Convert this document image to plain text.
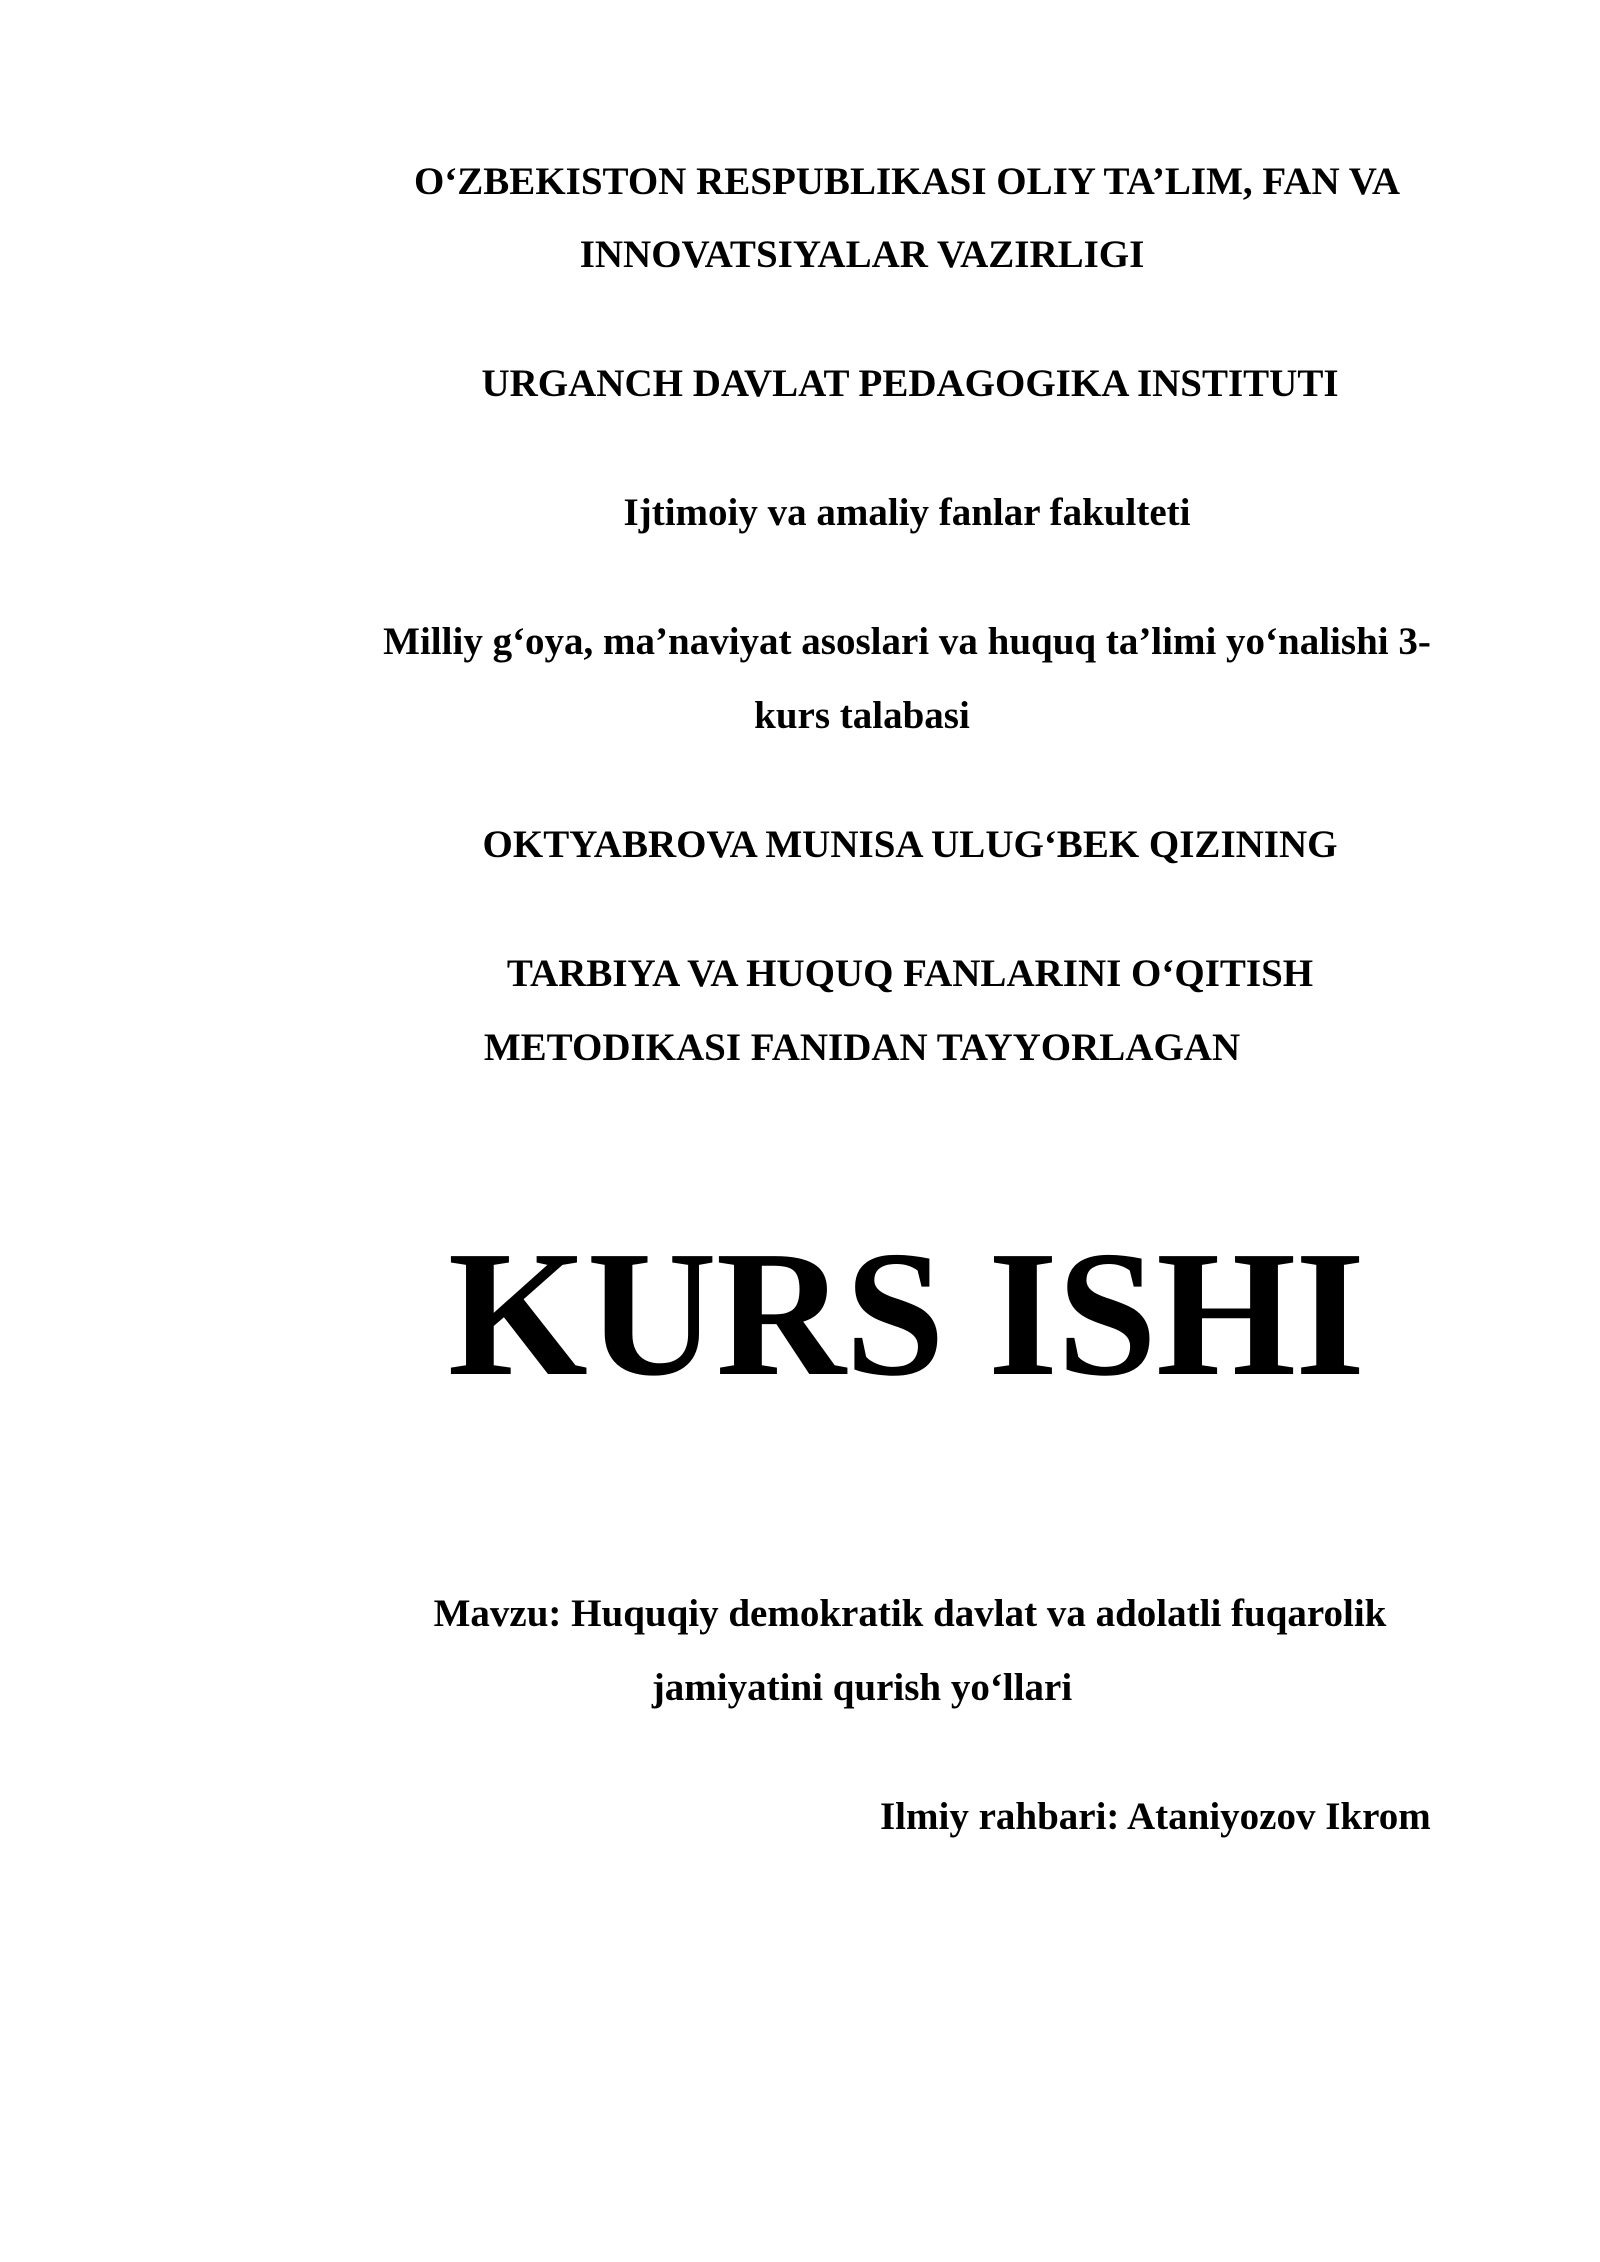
O‘ZBEKISTON RESPUBLIKASI OLIY TA’LIM, FAN VA

INNOVATSIYALAR VAZIRLIGI

URGANCH DAVLAT PEDAGOGIKA INSTITUTI

Ijtimoiy va amaliy fanlar fakulteti

Milliy g‘oya, ma’naviyat asoslari va huquq ta’limi yo‘nalishi 3-

kurs talabasi

OKTYABROVA MUNISA ULUG‘BEK QIZINING

TARBIYA VA HUQUQ FANLARINI O‘QITISH

METODIKASI FANIDAN TAYYORLAGAN

KURS ISHI

Mavzu: Huquqiy demokratik davlat va adolatli fuqarolik

jamiyatini qurish yo‘llari

Ilmiy rahbari: Ataniyozov Ikrom
